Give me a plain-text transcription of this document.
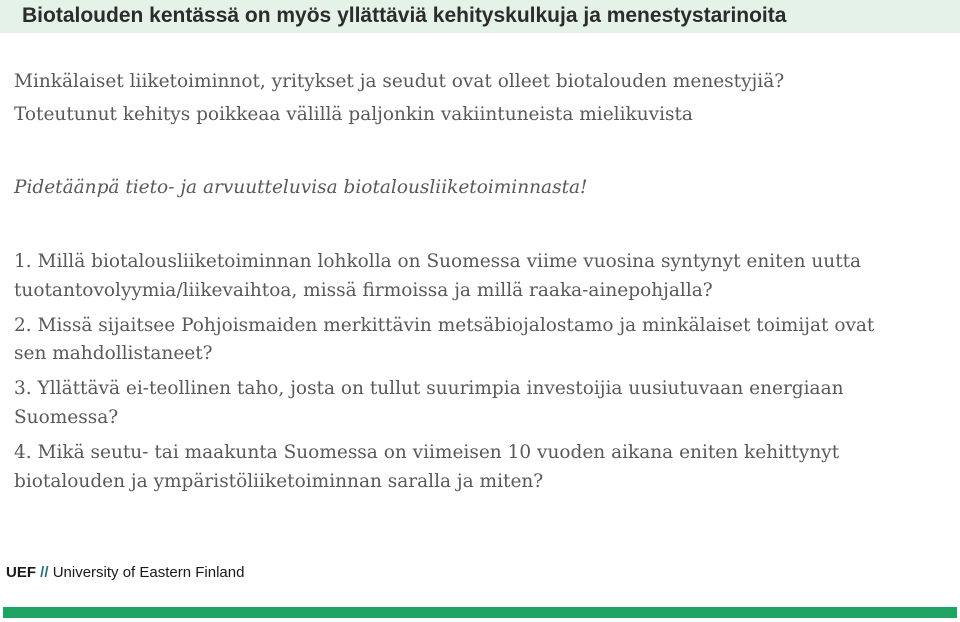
Biotalouden kentässä on myös yllättäviä kehityskulkuja ja menestystarinoita

Minkälaiset liiketoiminnot, yritykset ja seudut ovat olleet biotalouden menestyjiä?

Toteutunut kehitys poikkeaa välillä paljonkin vakiintuneista mielikuvista

Pidetäänpä tieto- ja arvuutteluvisa biotalousliiketoiminnasta!

1. Millä biotalousliiketoiminnan lohkolla on Suomessa viime vuosina syntynyt eniten uutta

tuotantovolyymia/liikevaihtoa, missä firmoissa ja millä raaka-ainepohjalla?

2. Missä sijaitsee Pohjoismaiden merkittävin metsäbiojalostamo ja minkälaiset toimijat ovat

sen mahdollistaneet?

3. Yllättävä ei-teollinen taho, josta on tullut suurimpia investoijia uusiutuvaan energiaan

Suomessa?

4. Mikä seutu- tai maakunta Suomessa on viimeisen 10 vuoden aikana eniten kehittynyt

biotalouden ja ympäristöliiketoiminnan saralla ja miten?

UEF // University of Eastern Finland
